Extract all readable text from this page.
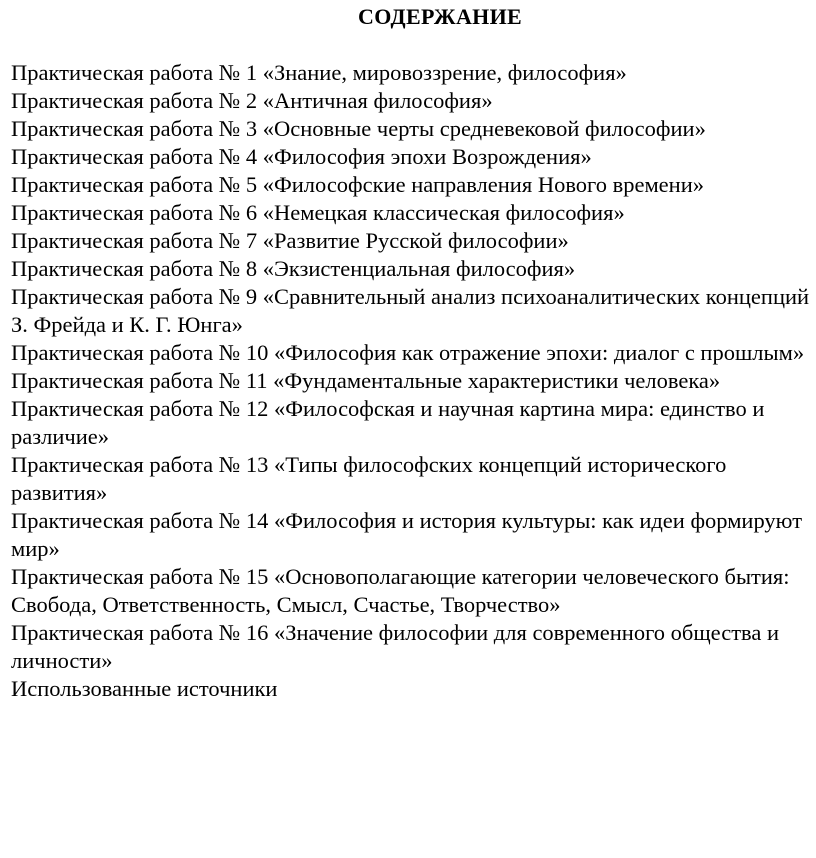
СОДЕРЖАНИЕ
Практическая работа № 1 «Знание, мировоззрение, философия»
Практическая работа № 2 «Античная философия»
Практическая работа № 3 «Основные черты средневековой философии»
Практическая работа № 4 «Философия эпохи Возрождения»
Практическая работа № 5 «Философские направления Нового времени»
Практическая работа № 6 «Немецкая классическая философия»
Практическая работа № 7 «Развитие Русской философии»
Практическая работа № 8 «Экзистенциальная философия»
Практическая работа № 9 «Сравнительный анализ психоаналитических концепций З. Фрейда и К. Г. Юнга»
Практическая работа № 10 «Философия как отражение эпохи: диалог с прошлым»
Практическая работа № 11 «Фундаментальные характеристики человека»
Практическая работа № 12 «Философская и научная картина мира: единство и различие»
Практическая работа № 13 «Типы философских концепций исторического развития»
Практическая работа № 14 «Философия и история культуры: как идеи формируют мир»
Практическая работа № 15 «Основополагающие категории человеческого бытия: Свобода, Ответственность, Смысл, Счастье, Творчество»
Практическая работа № 16 «Значение философии для современного общества и личности»
Использованные источники
